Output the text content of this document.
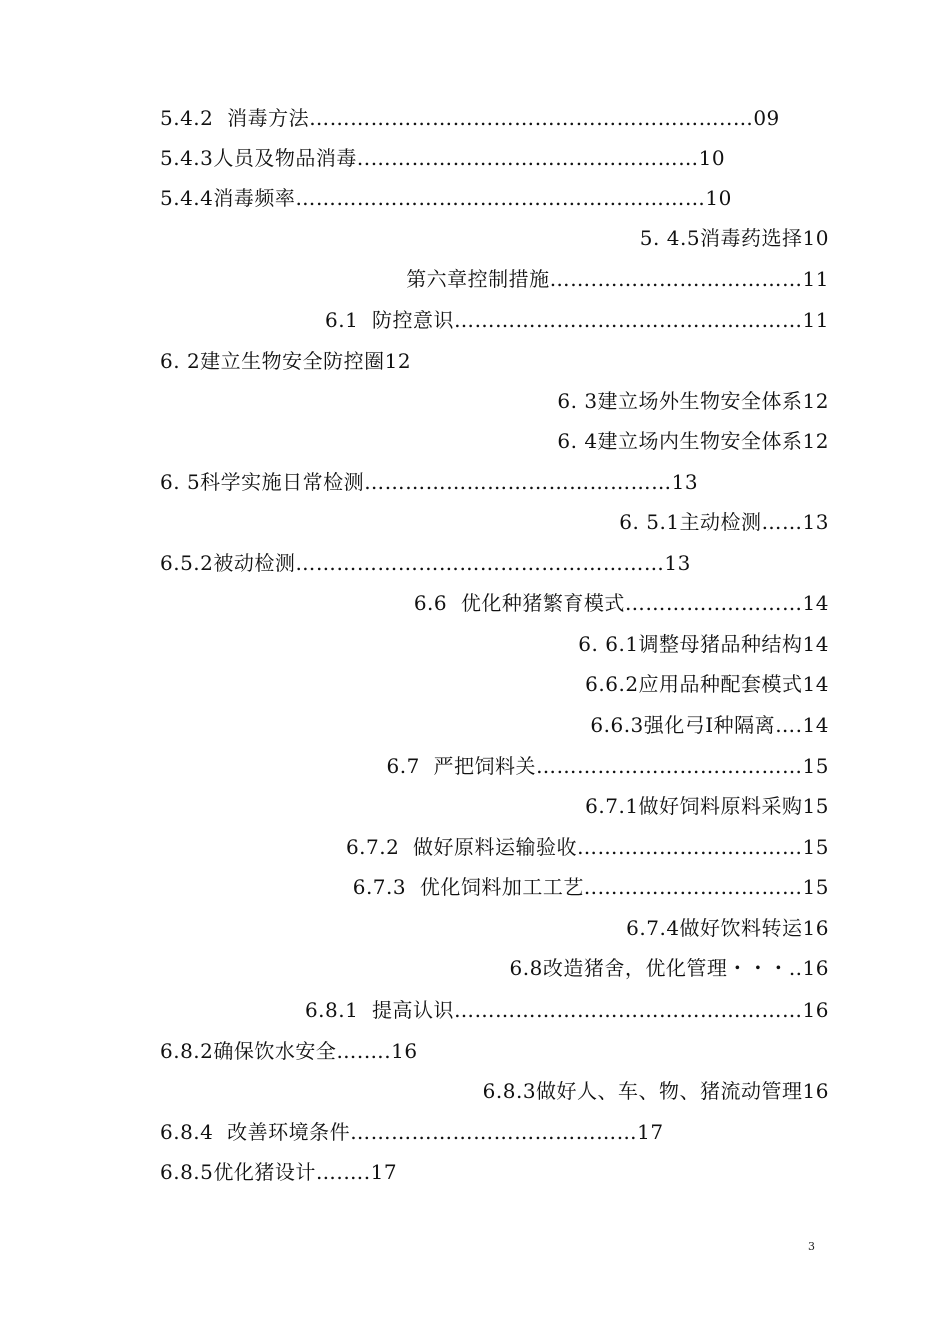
5.4.2  消毒方法……………………………………………………..…09
5.4.3人员及物品消毒..…………………………………………10
5.4.4消毒频率……………………………………………………10
5. 4.5消毒药选择10
第六章控制措施…….…………………………11
6.1  防控意识……………………………………………11
6. 2建立生物安全防控圈12
6. 3建立场外生物安全体系12
6. 4建立场内生物安全体系12
6. 5科学实施日常检测………………………………………13
6. 5.1主动检测……13
6.5.2被动检测………………………………………………13
6.6  优化种猪繁育模式…………..…………14
6. 6.1调整母猪品种结构14
6.6.2应用品种配套模式14
6.6.3强化弓I种隔离….14
6.7  严把饲料关…………………………………15
6.7.1做好饲料原料采购15
6.7.2  做好原料运输验收……………………………15
6.7.3  优化饲料加工工艺..…………………………15
6.7.4做好饮料转运16
6.8改造猪舍，优化管理・・・..16
6.8.1  提高认识……………………………………………16
6.8.2确保饮水安全….….16
6.8.3做好人、车、物、猪流动管理16
6.8.4  改善环境条件……………………………………17
6.8.5优化猪设计….….17
3
